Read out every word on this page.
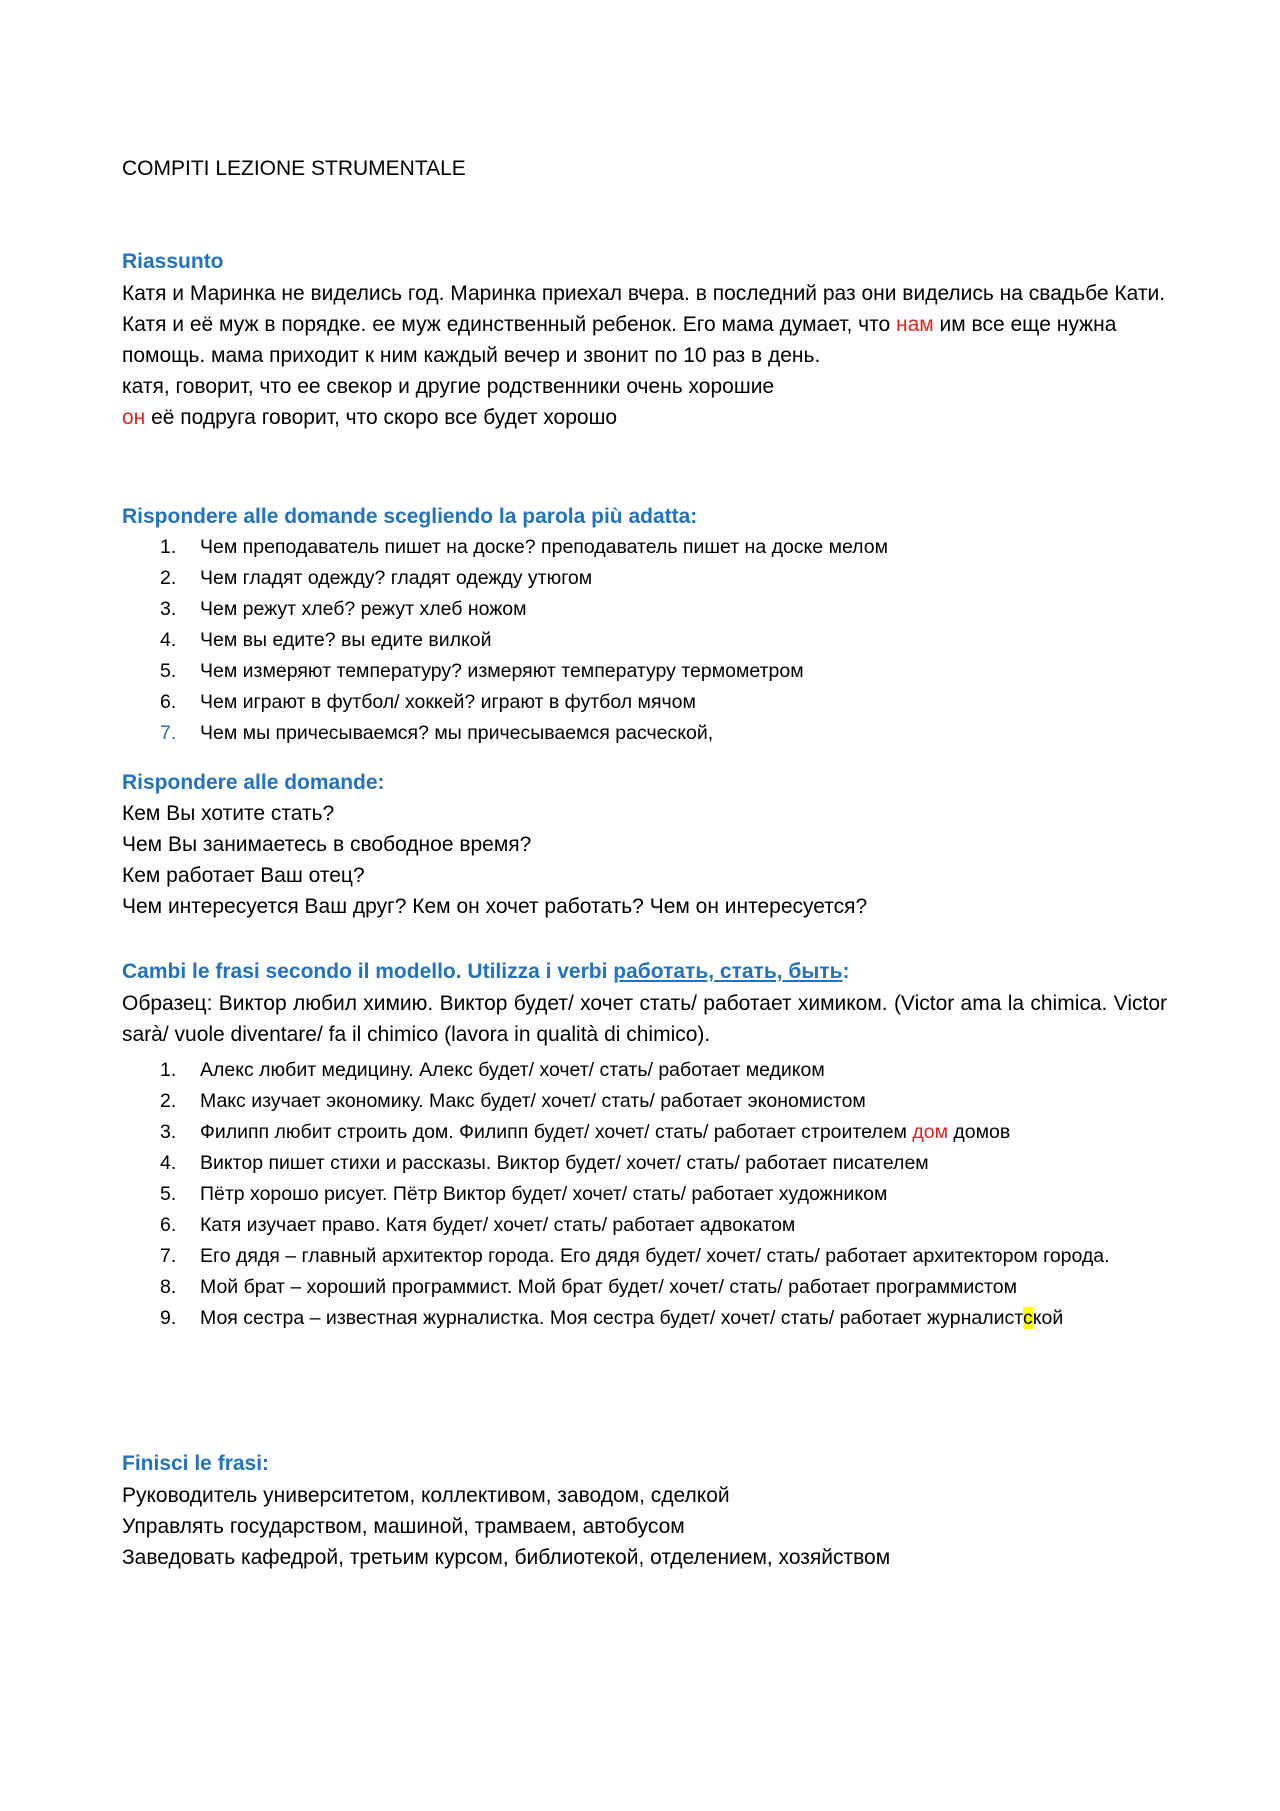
COMPITI LEZIONE STRUMENTALE
Riassunto
Катя и Маринка не виделись год. Маринка приехал вчера. в последний раз они виделись на свадьбе Кати.
Катя и её муж в порядке. ее муж единственный ребенок. Его мама думает, что нам им все еще нужна помощь. мама приходит к ним каждый вечер и звонит по 10 раз в день.
катя, говорит, что ее свекор и другие родственники очень хорошие
он её подруга говорит, что скоро все будет хорошо
Rispondere alle domande scegliendo la parola più adatta:
1. Чем преподаватель пишет на доске? преподаватель пишет на доске мелом
2. Чем гладят одежду? гладят одежду утюгом
3. Чем режут хлеб? режут хлеб ножом
4. Чем вы едите? вы едите вилкой
5. Чем измеряют температуру? измеряют температуру термометром
6. Чем играют в футбол/ хоккей? играют в футбол мячом
7. Чем мы причесываемся? мы причесываемся расческой,
Rispondere alle domande:
Кем Вы хотите стать?
Чем Вы занимаетесь в свободное время?
Кем работает Ваш отец?
Чем интересуется Ваш друг? Кем он хочет работать? Чем он интересуется?
Cambi le frasi secondo il modello. Utilizza i verbi работать, стать, быть:
Образец: Виктор любил химию. Виктор будет/ хочет стать/ работает химиком. (Victor ama la chimica. Victor sarà/ vuole diventare/ fa il chimico (lavora in qualità di chimico).
1. Алекс любит медицину. Алекс будет/ хочет/ стать/ работает медиком
2. Макс изучает экономику. Макс будет/ хочет/ стать/ работает экономистом
3. Филипп любит строить дом. Филипп будет/ хочет/ стать/ работает строителем дом домов
4. Виктор пишет стихи и рассказы. Виктор будет/ хочет/ стать/ работает писателем
5. Пётр хорошо рисует. Пётр Виктор будет/ хочет/ стать/ работает художником
6. Катя изучает право. Катя будет/ хочет/ стать/ работает адвокатом
7. Его дядя – главный архитектор города. Его дядя будет/ хочет/ стать/ работает архитектором города.
8. Мой брат – хороший программист. Мой брат будет/ хочет/ стать/ работает программистом
9. Моя сестра – известная журналистка. Моя сестра будет/ хочет/ стать/ работает журналистской
Finisci le frasi:
Руководитель университетом, коллективом, заводом, сделкой
Управлять государством, машиной, трамваем, автобусом
Заведовать кафедрой, третьим курсом, библиотекой, отделением, хозяйством
